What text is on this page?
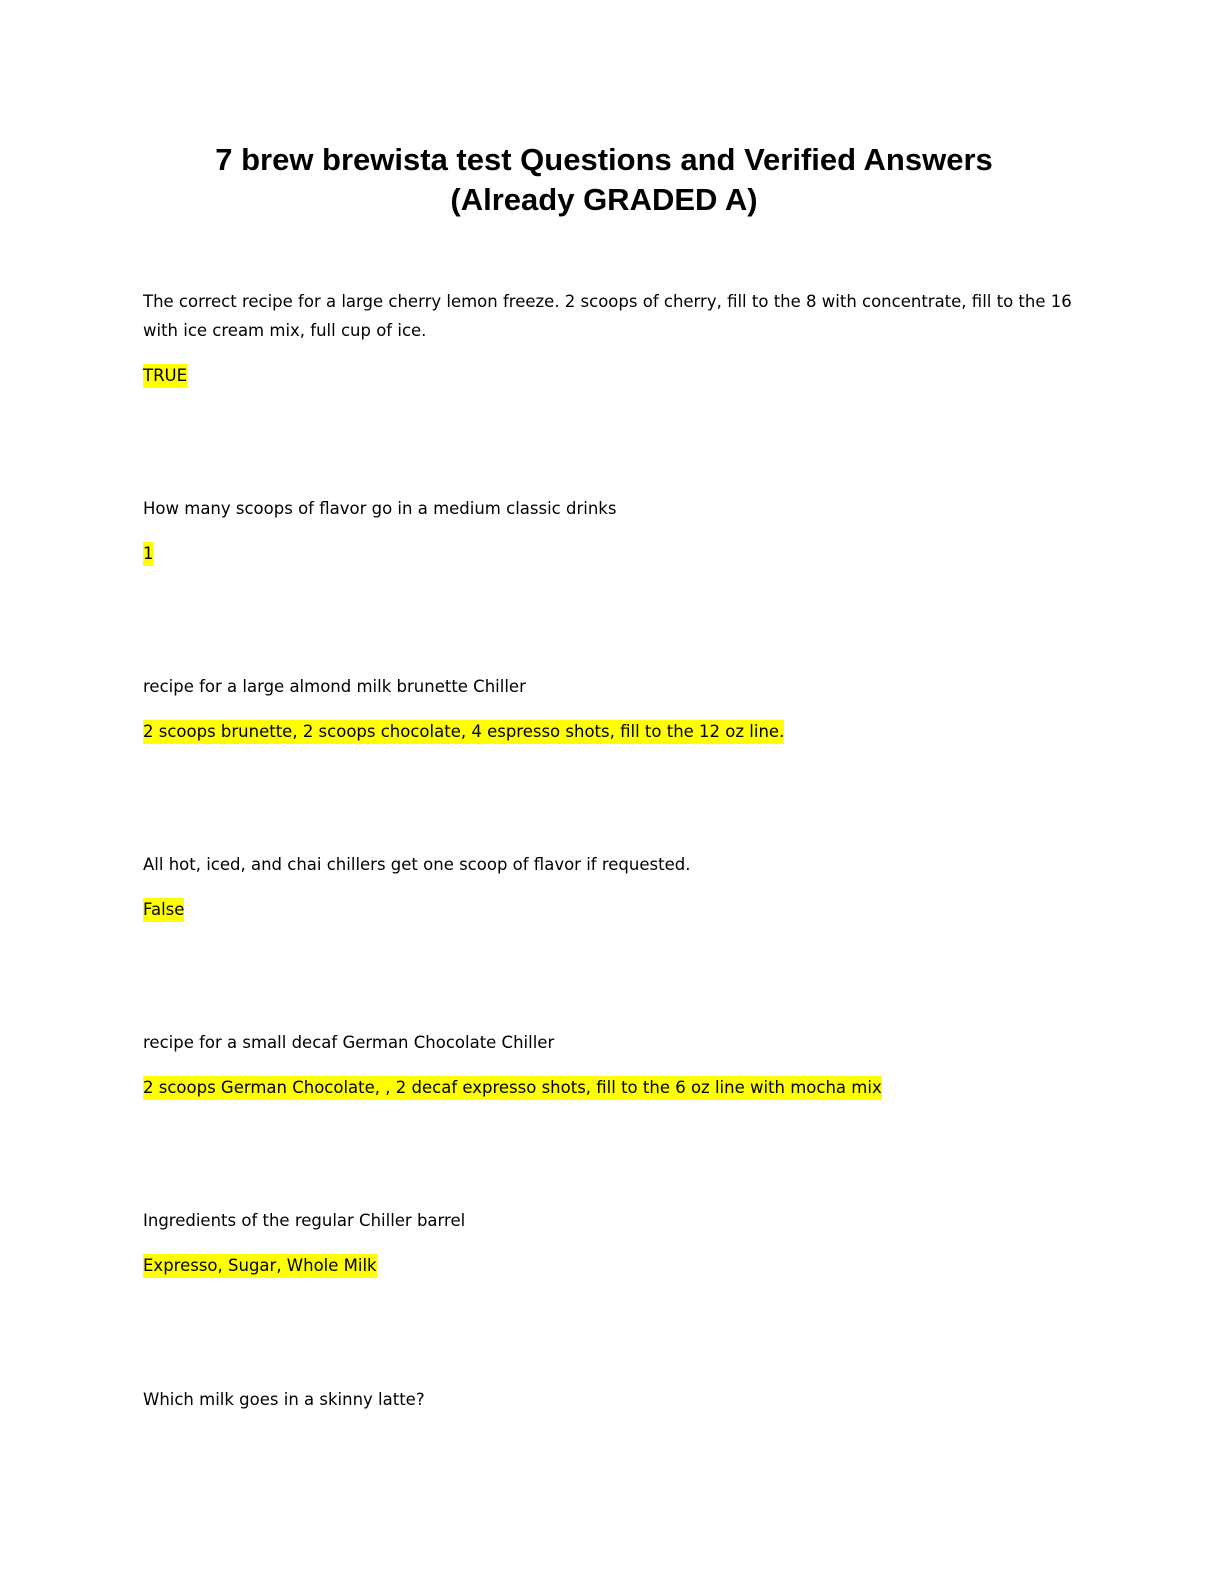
7 brew brewista test Questions and Verified Answers
(Already GRADED A)

The correct recipe for a large cherry lemon freeze. 2 scoops of cherry, fill to the 8 with concentrate, fill to the 16 with ice cream mix, full cup of ice.

TRUE

How many scoops of flavor go in a medium classic drinks

1

recipe for a large almond milk brunette Chiller

2 scoops brunette, 2 scoops chocolate, 4 espresso shots, fill to the 12 oz line.

All hot, iced, and chai chillers get one scoop of flavor if requested.

False

recipe for a small decaf German Chocolate Chiller

2 scoops German Chocolate, , 2 decaf expresso shots, fill to the 6 oz line with mocha mix

Ingredients of the regular Chiller barrel

Expresso, Sugar, Whole Milk

Which milk goes in a skinny latte?
